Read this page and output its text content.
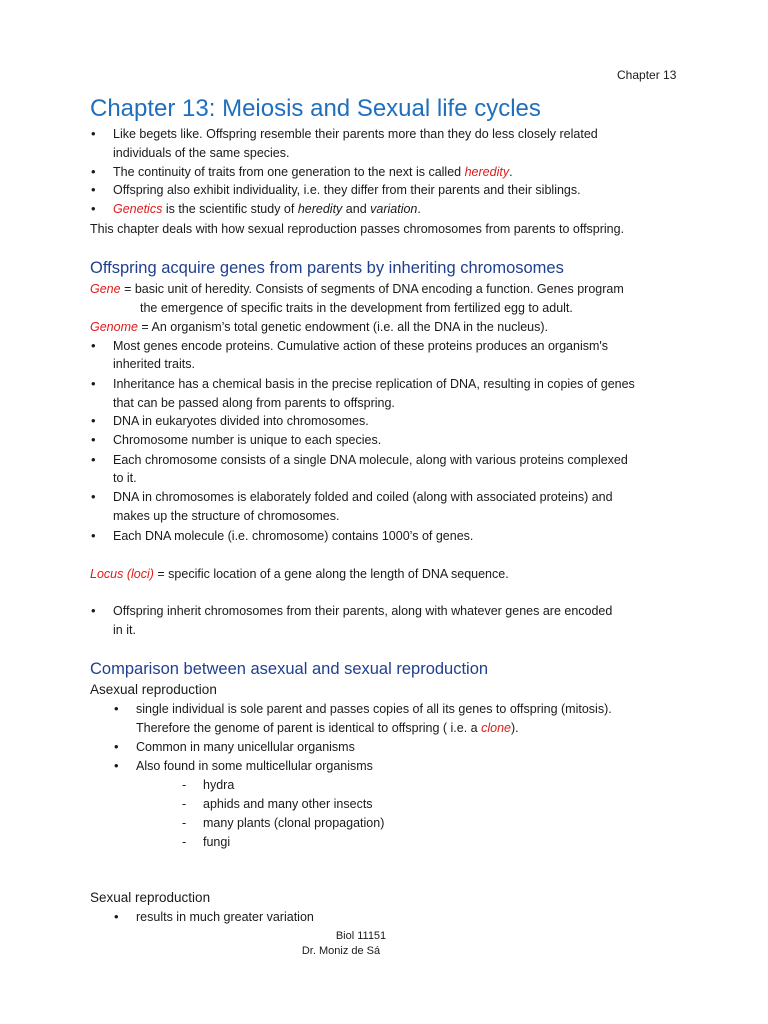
Chapter 13
Chapter 13: Meiosis and Sexual life cycles
• Like begets like. Offspring resemble their parents more than they do less closely related
individuals of the same species.
• The continuity of traits from one generation to the next is called heredity.
• Offspring also exhibit individuality, i.e. they differ from their parents and their siblings.
• Genetics is the scientific study of heredity and variation.
This chapter deals with how sexual reproduction passes chromosomes from parents to offspring.
Offspring acquire genes from parents by inheriting chromosomes
Gene = basic unit of heredity. Consists of segments of DNA encoding a function. Genes program
the emergence of specific traits in the development from fertilized egg to adult.
Genome = An organism’s total genetic endowment (i.e. all the DNA in the nucleus).
• Most genes encode proteins. Cumulative action of these proteins produces an organism's
inherited traits.
• Inheritance has a chemical basis in the precise replication of DNA, resulting in copies of genes
that can be passed along from parents to offspring.
• DNA in eukaryotes divided into chromosomes.
• Chromosome number is unique to each species.
• Each chromosome consists of a single DNA molecule, along with various proteins complexed
to it.
• DNA in chromosomes is elaborately folded and coiled (along with associated proteins) and
makes up the structure of chromosomes.
• Each DNA molecule (i.e. chromosome) contains 1000’s of genes.
Locus (loci) = specific location of a gene along the length of DNA sequence.
• Offspring inherit chromosomes from their parents, along with whatever genes are encoded
in it.
Comparison between asexual and sexual reproduction
Asexual reproduction
• single individual is sole parent and passes copies of all its genes to offspring (mitosis).
Therefore the genome of parent is identical to offspring ( i.e. a clone).
• Common in many unicellular organisms
• Also found in some multicellular organisms
- hydra
- aphids and many other insects
- many plants (clonal propagation)
- fungi
Sexual reproduction
• results in much greater variation
Biol 11151
Dr. Moniz de Sá
